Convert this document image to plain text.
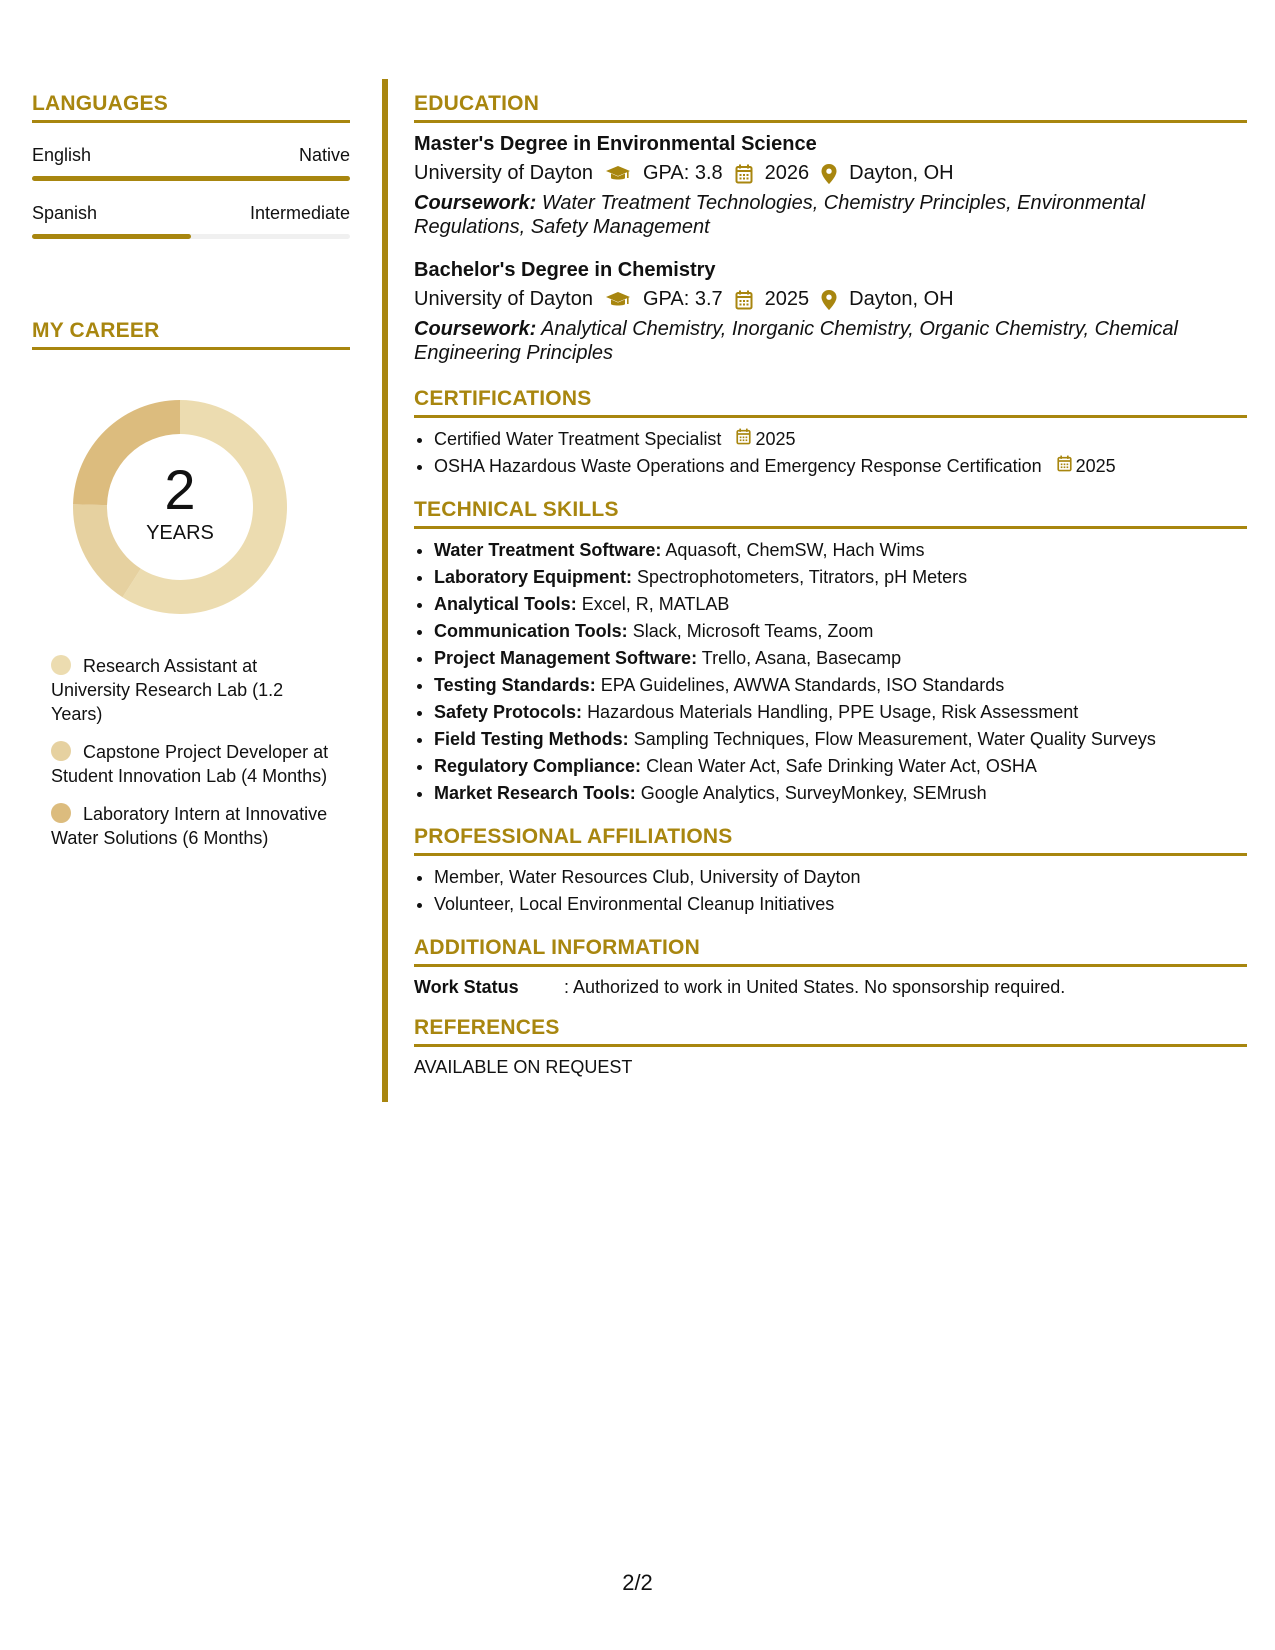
LANGUAGES
English	Native
Spanish	Intermediate
MY CAREER
2
YEARS
Research Assistant at University Research Lab (1.2 Years)
Capstone Project Developer at Student Innovation Lab (4 Months)
Laboratory Intern at Innovative Water Solutions (6 Months)
EDUCATION
Master's Degree in Environmental Science
University of Dayton	GPA: 3.8 2026 Dayton, OH
Coursework: Water Treatment Technologies, Chemistry Principles, Environmental Regulations, Safety Management
Bachelor's Degree in Chemistry
University of Dayton	GPA: 3.7 2025 Dayton, OH
Coursework: Analytical Chemistry, Inorganic Chemistry, Organic Chemistry, Chemical Engineering Principles
CERTIFICATIONS
• Certified Water Treatment Specialist 2025
• OSHA Hazardous Waste Operations and Emergency Response Certification 2025
TECHNICAL SKILLS
• Water Treatment Software: Aquasoft, ChemSW, Hach Wims
• Laboratory Equipment: Spectrophotometers, Titrators, pH Meters
• Analytical Tools: Excel, R, MATLAB
• Communication Tools: Slack, Microsoft Teams, Zoom
• Project Management Software: Trello, Asana, Basecamp
• Testing Standards: EPA Guidelines, AWWA Standards, ISO Standards
• Safety Protocols: Hazardous Materials Handling, PPE Usage, Risk Assessment
• Field Testing Methods: Sampling Techniques, Flow Measurement, Water Quality Surveys
• Regulatory Compliance: Clean Water Act, Safe Drinking Water Act, OSHA
• Market Research Tools: Google Analytics, SurveyMonkey, SEMrush
PROFESSIONAL AFFILIATIONS
• Member, Water Resources Club, University of Dayton
• Volunteer, Local Environmental Cleanup Initiatives
ADDITIONAL INFORMATION
Work Status	: Authorized to work in United States. No sponsorship required.
REFERENCES
AVAILABLE ON REQUEST
2/2
